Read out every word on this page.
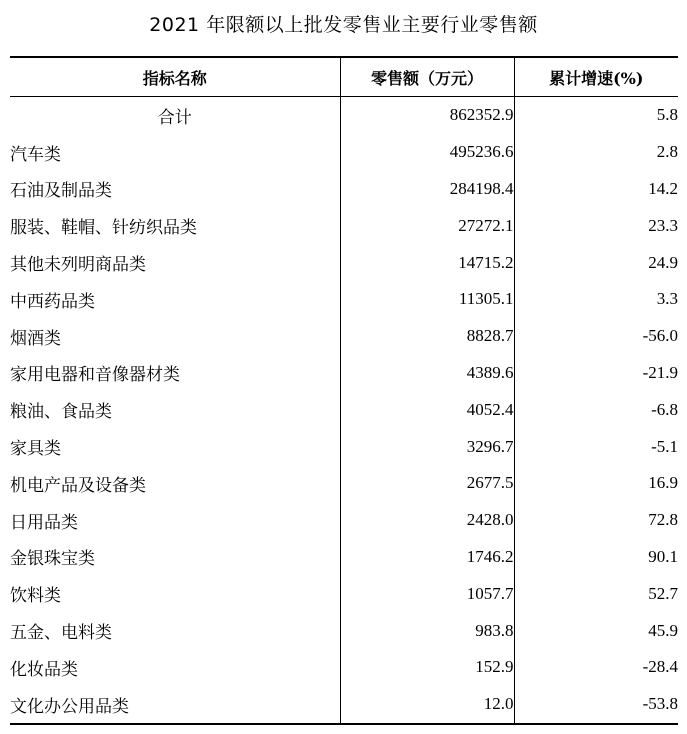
2021 年限额以上批发零售业主要行业零售额
指标名称	零售额（万元）	累计增速(%)
合计	862352.9	5.8
汽车类	495236.6	2.8
石油及制品类	284198.4	14.2
服装、鞋帽、针纺织品类	27272.1	23.3
其他未列明商品类	14715.2	24.9
中西药品类	11305.1	3.3
烟酒类	8828.7	-56.0
家用电器和音像器材类	4389.6	-21.9
粮油、食品类	4052.4	-6.8
家具类	3296.7	-5.1
机电产品及设备类	2677.5	16.9
日用品类	2428.0	72.8
金银珠宝类	1746.2	90.1
饮料类	1057.7	52.7
五金、电料类	983.8	45.9
化妆品类	152.9	-28.4
文化办公用品类	12.0	-53.8
